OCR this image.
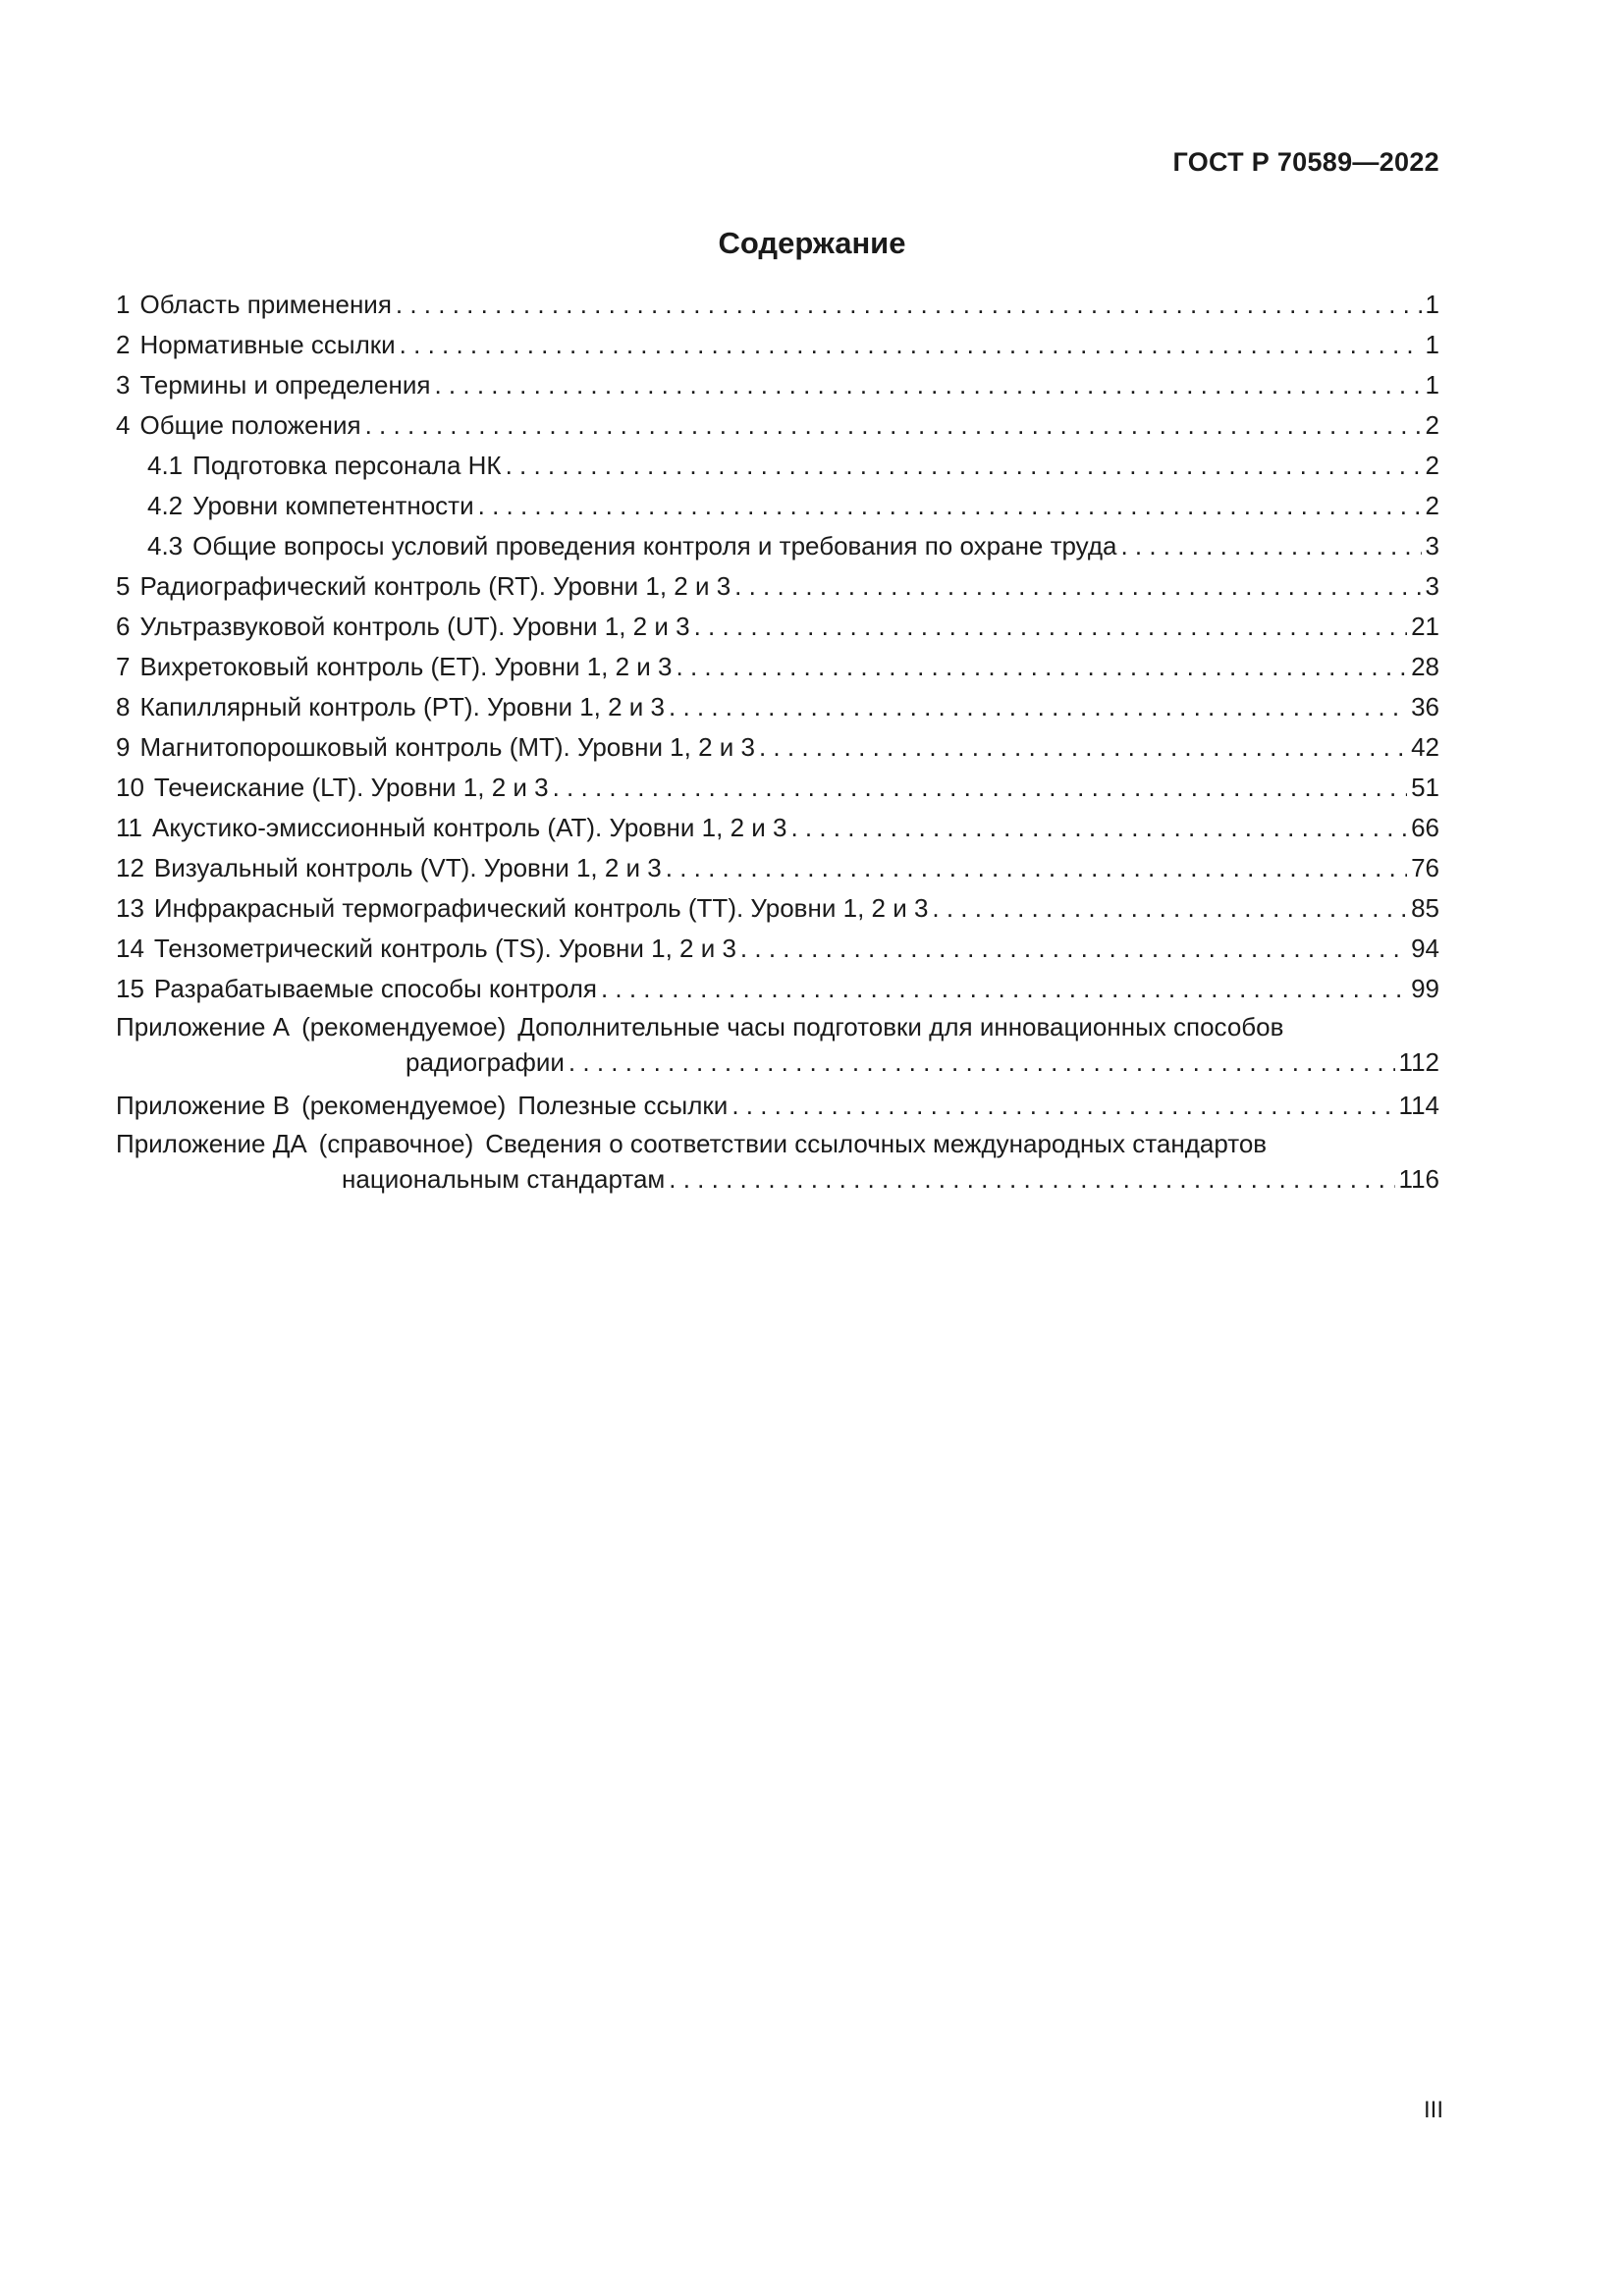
ГОСТ Р 70589—2022
Содержание
1 Область применения . . .	1
2 Нормативные ссылки . . .	1
3 Термины и определения . . .	1
4 Общие положения . . .	2
4.1 Подготовка персонала НК . . .	2
4.2 Уровни компетентности . . .	2
4.3 Общие вопросы условий проведения контроля и требования по охране труда . . .	3
5 Радиографический контроль (RT). Уровни 1, 2 и 3 . . .	3
6 Ультразвуковой контроль (UT). Уровни 1, 2 и 3 . . .	21
7 Вихретоковый контроль (ET). Уровни 1, 2 и 3 . . .	28
8 Капиллярный контроль (PT). Уровни 1, 2 и 3 . . .	36
9 Магнитопорошковый контроль (MT). Уровни 1, 2 и 3 . . .	42
10 Течеискание (LT). Уровни 1, 2 и 3 . . .	51
11 Акустико-эмиссионный контроль (AT). Уровни 1, 2 и 3 . . .	66
12 Визуальный контроль (VT). Уровни 1, 2 и 3 . . .	76
13 Инфракрасный термографический контроль (TT). Уровни 1, 2 и 3 . . .	85
14 Тензометрический контроль (TS). Уровни 1, 2 и 3 . . .	94
15 Разрабатываемые способы контроля . . .	99
Приложение А (рекомендуемое) Дополнительные часы подготовки для инновационных способов
радиографии . . .	112
Приложение В (рекомендуемое) Полезные ссылки . . .	114
Приложение ДА (справочное) Сведения о соответствии ссылочных международных стандартов
национальным стандартам . . .	116
III
